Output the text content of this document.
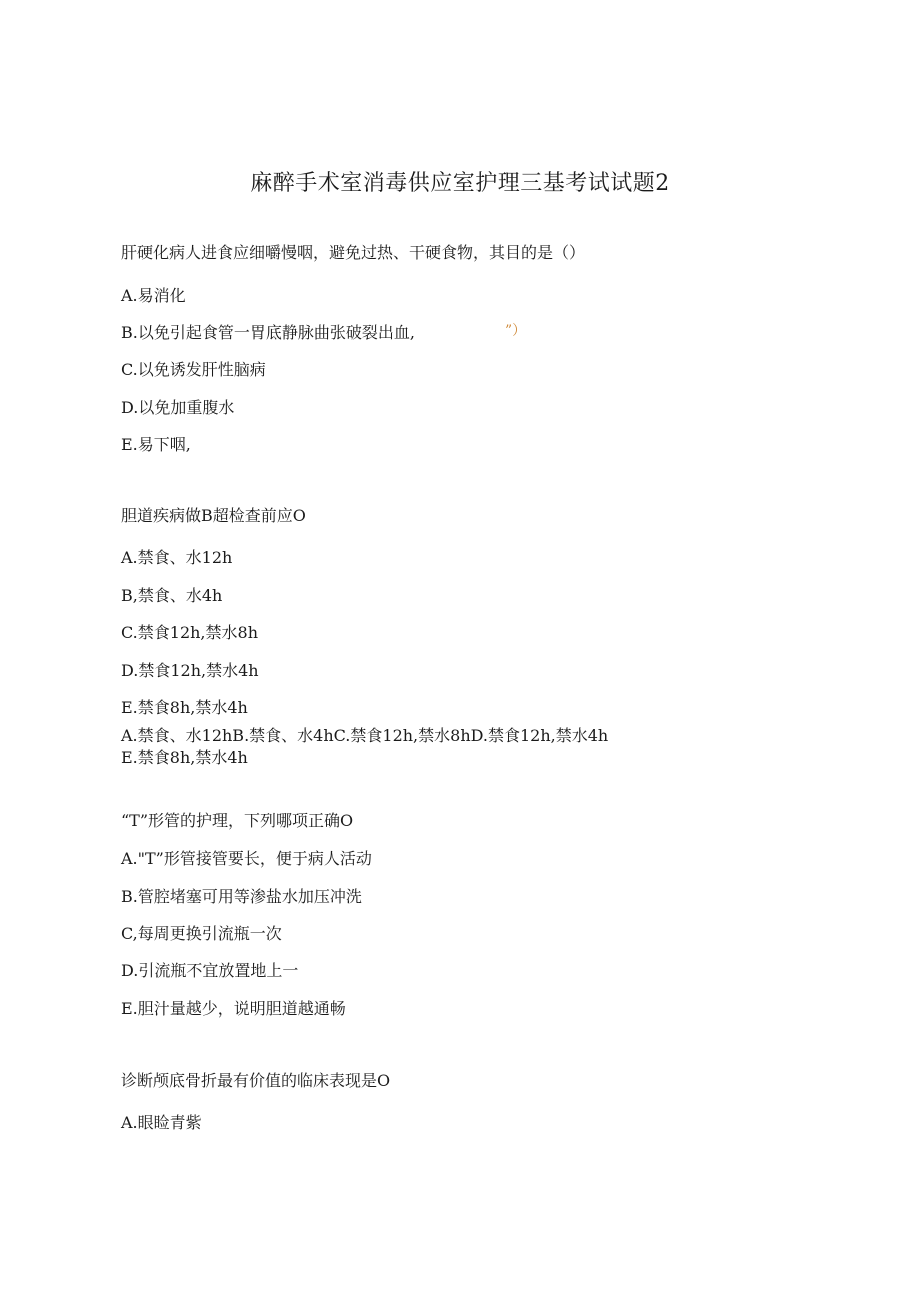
麻醉手术室消毒供应室护理三基考试试题2
肝硬化病人进食应细嚼慢咽，避免过热、干硬食物，其目的是（）
A.易消化
B.以免引起食管一胃底静脉曲张破裂出血,	”）
C.以免诱发肝性脑病
D.以免加重腹水
E.易下咽,
胆道疾病做B超检查前应O
A.禁食、水12h
B,禁食、水4h
C.禁食12h,禁水8h
D.禁食12h,禁水4h
E.禁食8h,禁水4h
A.禁食、水12hB.禁食、水4hC.禁食12h,禁水8hD.禁食12h,禁水4h
E.禁食8h,禁水4h
“T”形管的护理，下列哪项正确O
A."T”形管接管要长，便于病人活动
B.管腔堵塞可用等渗盐水加压冲洗
C,每周更换引流瓶一次
D.引流瓶不宜放置地上一
E.胆汁量越少，说明胆道越通畅
诊断颅底骨折最有价值的临床表现是O
A.眼睑青紫
